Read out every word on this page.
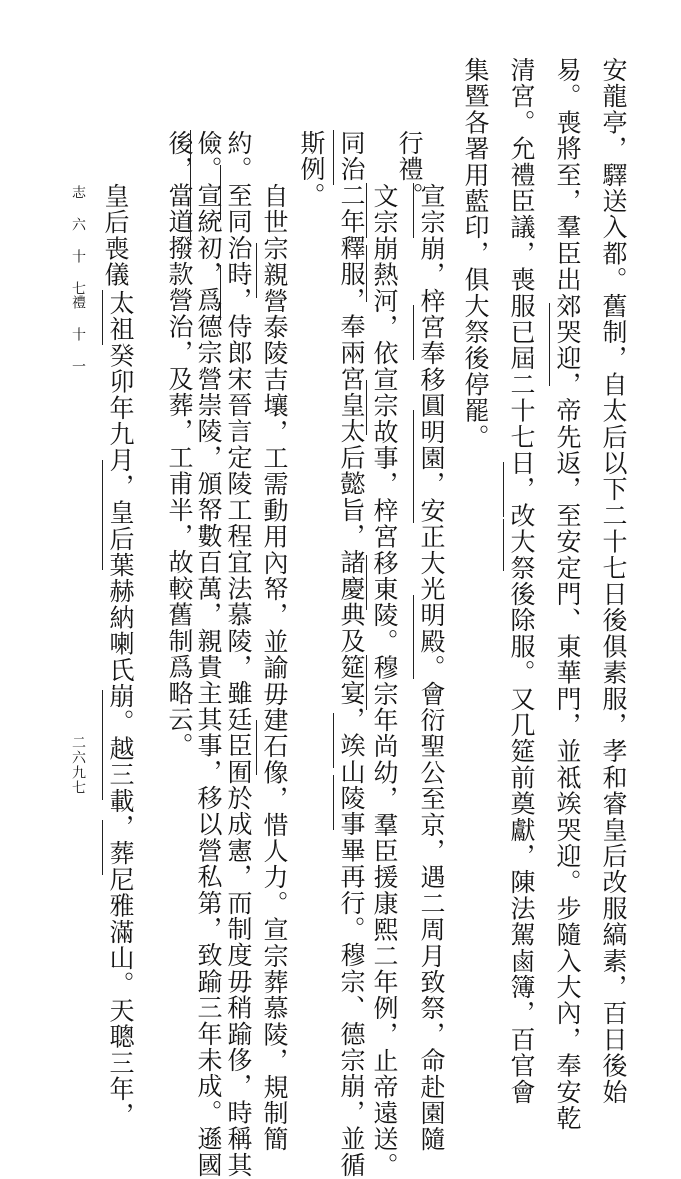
安龍亭，驛送入都。舊制，自太后以下二十七日後俱素服，孝和睿皇后改服縞素，百日後始
易。喪將至，羣臣出郊哭迎，帝先返，至安定門、東華門，並祗竢哭迎。步隨入大內，奉安乾
清宮。允禮臣議，喪服已屆二十七日，改大祭後除服。又几筵前奠獻，陳法駕鹵簿，百官會
集暨各署用藍印，俱大祭後停罷。
宣宗崩，梓宮奉移圓明園，安正大光明殿。會衍聖公至京，遇二周月致祭，命赴園隨
行禮。
文宗崩熱河，依宣宗故事，梓宮移東陵。穆宗年尚幼，羣臣援康熙二年例，止帝遠送。
同治二年釋服，奉兩宮皇太后懿旨，諸慶典及筵宴，竢山陵事畢再行。穆宗、德宗崩，並循
斯例。
自世宗親營泰陵吉壤，工需動用內帑，並諭毋建石像，惜人力。宣宗葬慕陵，規制簡
約。至同治時，侍郎宋晉言定陵工程宜法慕陵，雖廷臣囿於成憲，而制度毋稍踰侈，時稱其
儉。宣統初，爲德宗營崇陵，頒帑數百萬，親貴主其事，移以營私第，致踰三年未成。遜國
後，當道撥款營治，及葬，工甫半，故較舊制爲略云。
皇后喪儀
太祖癸卯年九月，皇后葉赫納喇氏崩。越三載，葬尼雅滿山。天聰三年，
志 六 十 七
禮 十 一
二六九七
